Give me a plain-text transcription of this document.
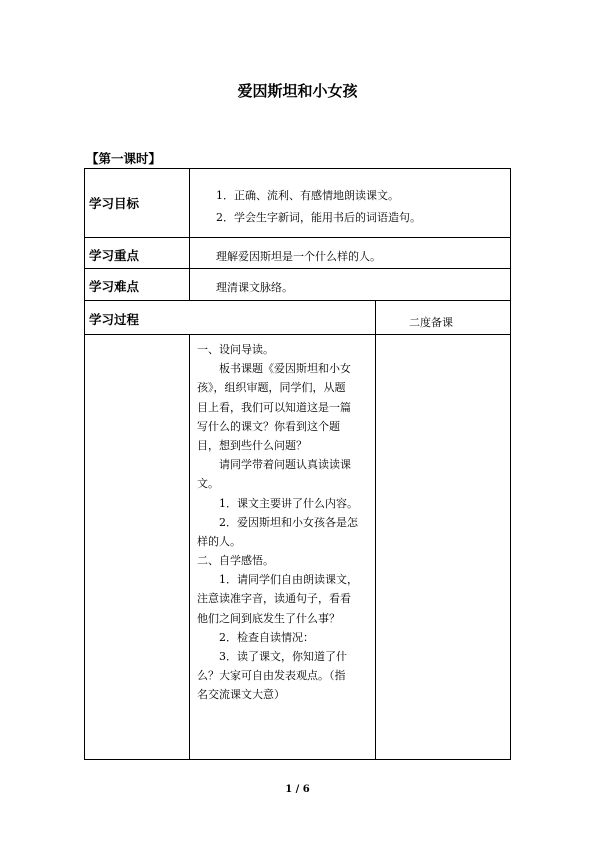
爱因斯坦和小女孩
【第一课时】
学习目标
学习重点
学习难点
学习过程
1．正确、流利、有感情地朗读课文。
2．学会生字新词，能用书后的词语造句。
理解爱因斯坦是一个什么样的人。
理清课文脉络。
二度备课
一、设问导读。
板书课题《爱因斯坦和小女
孩》，组织审题，同学们，从题
目上看，我们可以知道这是一篇
写什么的课文？你看到这个题
目，想到些什么问题？
请同学带着问题认真读读课
文。
1．课文主要讲了什么内容。
2．爱因斯坦和小女孩各是怎
样的人。
二、自学感悟。
1．请同学们自由朗读课文，
注意读准字音，读通句子，看看
他们之间到底发生了什么事？
2．检查自读情况：
3．读了课文，你知道了什
么？大家可自由发表观点。（指
名交流课文大意）
1 / 6
